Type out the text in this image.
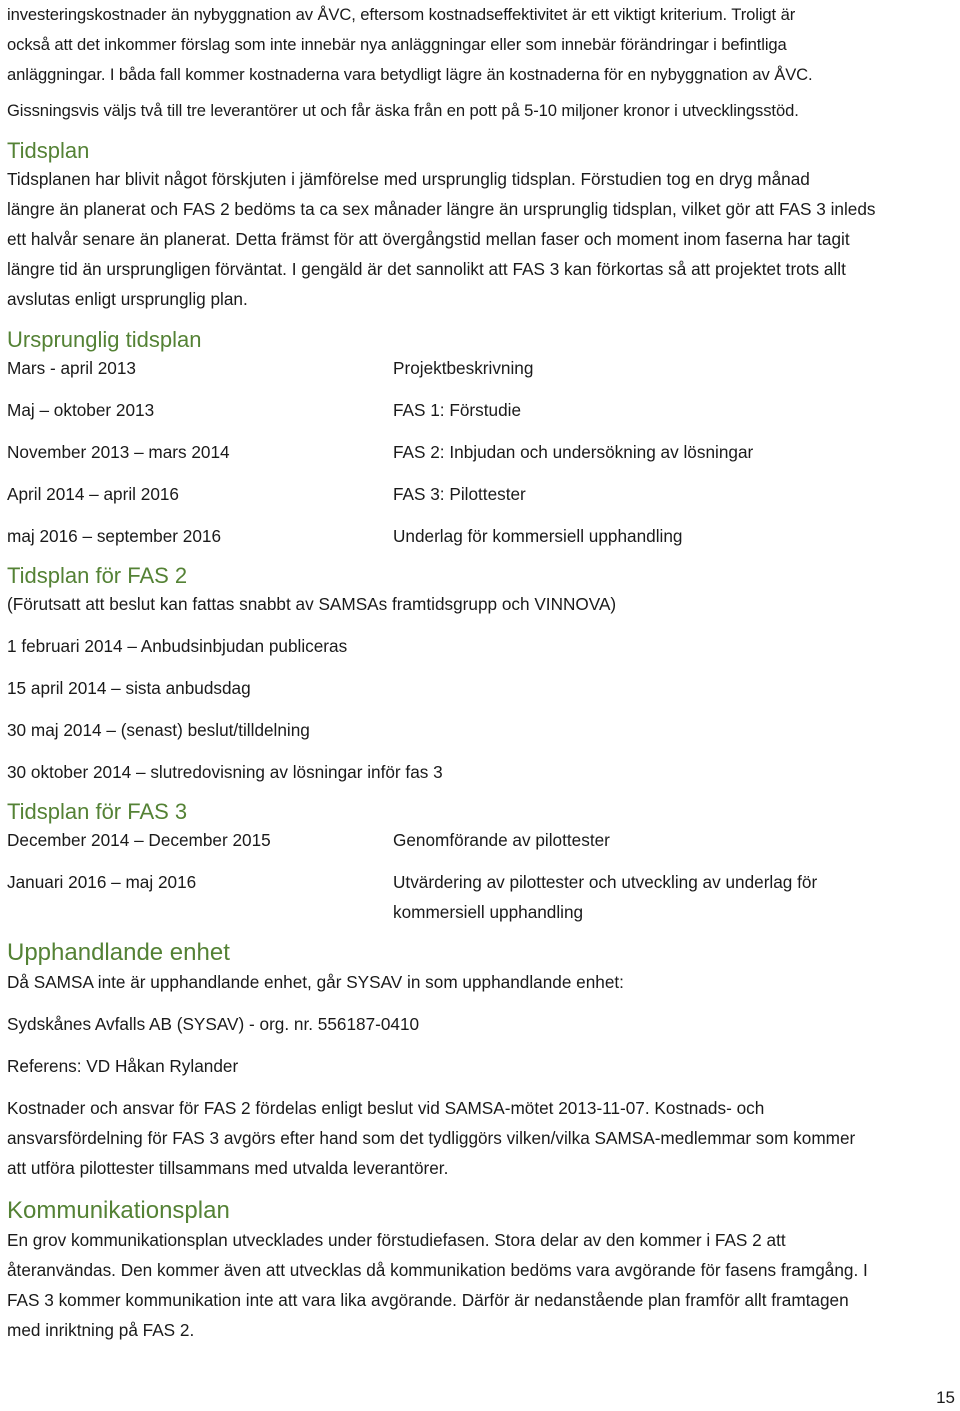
investeringskostnader än nybyggnation av ÅVC, eftersom kostnadseffektivitet är ett viktigt kriterium. Troligt är
också att det inkommer förslag som inte innebär nya anläggningar eller som innebär förändringar i befintliga
anläggningar. I båda fall kommer kostnaderna vara betydligt lägre än kostnaderna för en nybyggnation av ÅVC.

Gissningsvis väljs två till tre leverantörer ut och får äska från en pott på 5-10 miljoner kronor i utvecklingsstöd.

Tidsplan

Tidsplanen har blivit något förskjuten i jämförelse med ursprunglig tidsplan. Förstudien tog en dryg månad
längre än planerat och FAS 2 bedöms ta ca sex månader längre än ursprunglig tidsplan, vilket gör att FAS 3 inleds
ett halvår senare än planerat. Detta främst för att övergångstid mellan faser och moment inom faserna har tagit
längre tid än ursprungligen förväntat. I gengäld är det sannolikt att FAS 3 kan förkortas så att projektet trots allt
avslutas enligt ursprunglig plan.

Ursprunglig tidsplan
Mars - april 2013	Projektbeskrivning
Maj – oktober 2013	FAS 1: Förstudie
November 2013 – mars 2014	FAS 2: Inbjudan och undersökning av lösningar
April 2014 – april 2016	FAS 3: Pilottester
maj 2016 – september 2016	Underlag för kommersiell upphandling
Tidsplan för FAS 2

(Förutsatt att beslut kan fattas snabbt av SAMSAs framtidsgrupp och VINNOVA)

1 februari 2014 – Anbudsinbjudan publiceras

15 april 2014 – sista anbudsdag

30 maj 2014 – (senast) beslut/tilldelning

30 oktober 2014 – slutredovisning av lösningar inför fas 3

Tidsplan för FAS 3
December 2014 – December 2015	Genomförande av pilottester
Januari 2016 – maj 2016	Utvärdering av pilottester och utveckling av underlag för
kommersiell upphandling
Upphandlande enhet

Då SAMSA inte är upphandlande enhet, går SYSAV in som upphandlande enhet:

Sydskånes Avfalls AB (SYSAV) - org. nr. 556187-0410

Referens: VD Håkan Rylander

Kostnader och ansvar för FAS 2 fördelas enligt beslut vid SAMSA-mötet 2013-11-07. Kostnads- och
ansvarsfördelning för FAS 3 avgörs efter hand som det tydliggörs vilken/vilka SAMSA-medlemmar som kommer
att utföra pilottester tillsammans med utvalda leverantörer.

Kommunikationsplan

En grov kommunikationsplan utvecklades under förstudiefasen. Stora delar av den kommer i FAS 2 att
återanvändas. Den kommer även att utvecklas då kommunikation bedöms vara avgörande för fasens framgång. I
FAS 3 kommer kommunikation inte att vara lika avgörande. Därför är nedanstående plan framför allt framtagen
med inriktning på FAS 2.

15
